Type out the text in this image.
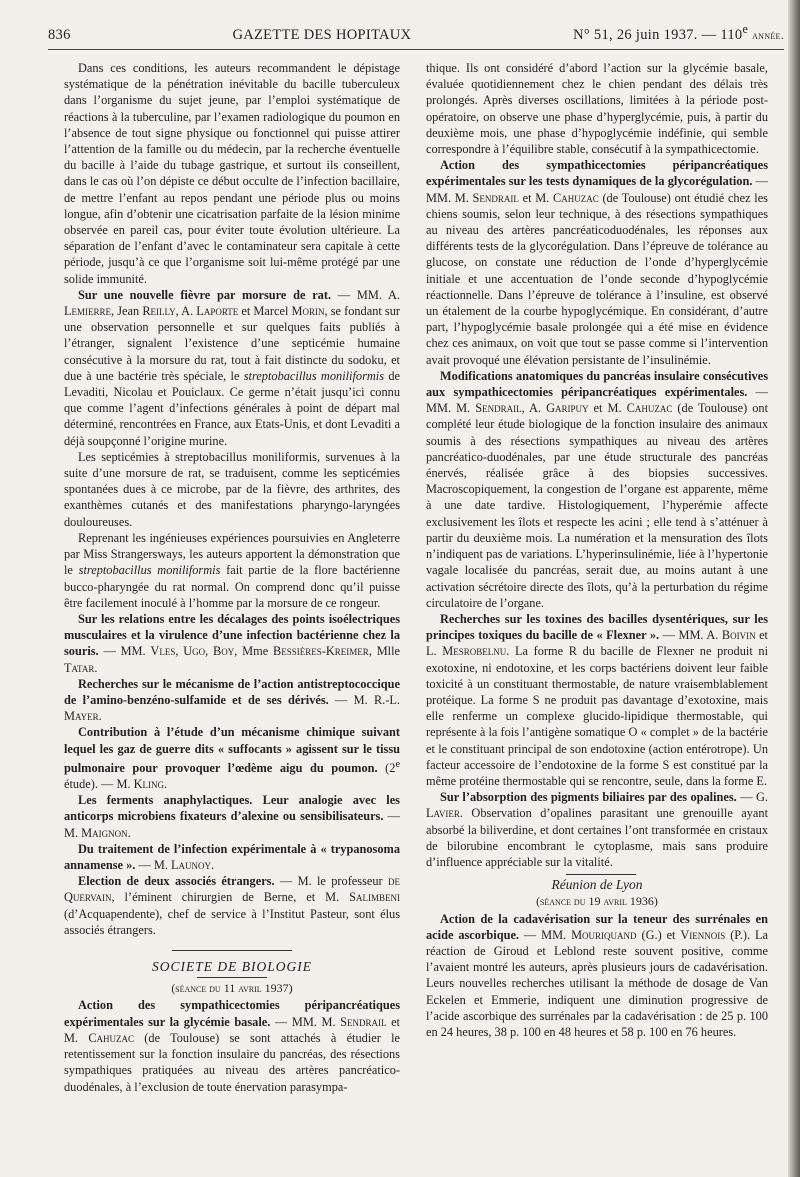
836	GAZETTE DES HOPITAUX	N° 51, 26 juin 1937. — 110e année.

Dans ces conditions, les auteurs recommandent le dépistage systématique de la pénétration inévitable du bacille tuberculeux dans l’organisme du sujet jeune, par l’emploi systématique de réactions à la tuberculine, par l’examen radiologique du poumon en l’absence de tout signe physique ou fonctionnel qui puisse attirer l’attention de la famille ou du médecin, par la recherche éventuelle du bacille à l’aide du tubage gastrique, et surtout ils conseillent, dans le cas où l’on dépiste ce début occulte de l’infection bacillaire, de mettre l’enfant au repos pendant une période plus ou moins longue, afin d’obtenir une cicatrisation parfaite de la lésion minime observée en pareil cas, pour éviter toute évolution ultérieure. La séparation de l’enfant d’avec le contaminateur sera capitale à cette période, jusqu’à ce que l’organisme soit lui-même protégé par une solide immunité.

Sur une nouvelle fièvre par morsure de rat. — MM. A. Lemierre, Jean Reilly, A. Laporte et Marcel Morin, se fondant sur une observation personnelle et sur quelques faits publiés à l’étranger, signalent l’existence d’une septicémie humaine consécutive à la morsure du rat, tout à fait distincte du sodoku, et due à une bactérie très spéciale, le streptobacillus moniliformis de Levaditi, Nicolau et Pouiclaux. Ce germe n’était jusqu’ici connu que comme l’agent d’infections générales à point de départ mal déterminé, rencontrées en France, aux Etats-Unis, et dont Levaditi a déjà soupçonné l’origine murine.

Les septicémies à streptobacillus moniliformis, survenues à la suite d’une morsure de rat, se traduisent, comme les septicémies spontanées dues à ce microbe, par de la fièvre, des arthrites, des exanthèmes cutanés et des manifestations pharyngo-laryngées douloureuses.

Reprenant les ingénieuses expériences poursuivies en Angleterre par Miss Strangersways, les auteurs apportent la démonstration que le streptobacillus moniliformis fait partie de la flore bactérienne bucco-pharyngée du rat normal. On comprend donc qu’il puisse être facilement inoculé à l’homme par la morsure de ce rongeur.

Sur les relations entre les décalages des points isoélectriques musculaires et la virulence d’une infection bactérienne chez la souris. — MM. Vles, Ugo, Boy, Mme Bessières-Kreimer, Mlle Tatar.

Recherches sur le mécanisme de l’action antistreptococcique de l’amino-benzéno-sulfamide et de ses dérivés. — M. R.-L. Mayer.

Contribution à l’étude d’un mécanisme chimique suivant lequel les gaz de guerre dits « suffocants » agissent sur le tissu pulmonaire pour provoquer l’œdème aigu du poumon. (2e étude). — M. Kling.

Les ferments anaphylactiques. Leur analogie avec les anticorps microbiens fixateurs d’alexine ou sensibilisateurs. — M. Maignon.

Du traitement de l’infection expérimentale à « trypanosoma annamense ». — M. Launoy.

Election de deux associés étrangers. — M. le professeur de Quervain, l’éminent chirurgien de Berne, et M. Salimbeni (d’Acquapendente), chef de service à l’Institut Pasteur, sont élus associés étrangers.

SOCIETE DE BIOLOGIE

(séance du 11 avril 1937)

Action des sympathicectomies péripancréatiques expérimentales sur la glycémie basale. — MM. M. Sendrail et M. Cahuzac (de Toulouse) se sont attachés à étudier le retentissement sur la fonction insulaire du pancréas, des résections sympathiques pratiquées au niveau des artères pancréatico-duodénales, à l’exclusion de toute énervation parasympa-

thique. Ils ont considéré d’abord l’action sur la glycémie basale, évaluée quotidiennement chez le chien pendant des délais très prolongés. Après diverses oscillations, limitées à la période post-opératoire, on observe une phase d’hyperglycémie, puis, à partir du deuxième mois, une phase d’hypoglycémie indéfinie, qui semble correspondre à l’équilibre stable, consécutif à la sympathicectomie.

Action des sympathicectomies péripancréatiques expérimentales sur les tests dynamiques de la glycorégulation. — MM. M. Sendrail et M. Cahuzac (de Toulouse) ont étudié chez les chiens soumis, selon leur technique, à des résections sympathiques au niveau des artères pancréaticoduodénales, les réponses aux différents tests de la glycorégulation. Dans l’épreuve de tolérance au glucose, on constate une réduction de l’onde d’hyperglycémie initiale et une accentuation de l’onde seconde d’hypoglycémie réactionnelle. Dans l’épreuve de tolérance à l’insuline, est observé un étalement de la courbe hypoglycémique. En considérant, d’autre part, l’hypoglycémie basale prolongée qui a été mise en évidence chez ces animaux, on voit que tout se passe comme si l’intervention avait provoqué une élévation persistante de l’insulinémie.

Modifications anatomiques du pancréas insulaire consécutives aux sympathicectomies péripancréatiques expérimentales. — MM. M. Sendrail, A. Garipuy et M. Cahuzac (de Toulouse) ont complété leur étude biologique de la fonction insulaire des animaux soumis à des résections sympathiques au niveau des artères pancréatico-duodénales, par une étude structurale des pancréas énervés, réalisée grâce à des biopsies successives. Macroscopiquement, la congestion de l’organe est apparente, même à une date tardive. Histologiquement, l’hyperémie affecte exclusivement les îlots et respecte les acini ; elle tend à s’atténuer à partir du deuxième mois. La numération et la mensuration des îlots n’indiquent pas de variations. L’hyperinsulinémie, liée à l’hypertonie vagale localisée du pancréas, serait due, au moins autant à une activation sécrétoire directe des îlots, qu’à la perturbation du régime circulatoire de l’organe.

Recherches sur les toxines des bacilles dysentériques, sur les principes toxiques du bacille de « Flexner ». — MM. A. Boivin et L. Mesrobelnu. La forme R du bacille de Flexner ne produit ni exotoxine, ni endotoxine, et les corps bactériens doivent leur faible toxicité à un constituant thermostable, de nature vraisemblablement protéique. La forme S ne produit pas davantage d’exotoxine, mais elle renferme un complexe glucido-lipidique thermostable, qui représente à la fois l’antigène somatique O « complet » de la bactérie et le constituant principal de son endotoxine (action entérotrope). Un facteur accessoire de l’endotoxine de la forme S est constitué par la même protéine thermostable qui se rencontre, seule, dans la forme E.

Sur l’absorption des pigments biliaires par des opalines. — G. Lavier. Observation d’opalines parasitant une grenouille ayant absorbé la biliverdine, et dont certaines l’ont transformée en cristaux de bilorubine encombrant le cytoplasme, mais sans produire d’influence appréciable sur la vitalité.

Réunion de Lyon

(séance du 19 avril 1936)

Action de la cadavérisation sur la teneur des surrénales en acide ascorbique. — MM. Mouriquand (G.) et Viennois (P.). La réaction de Giroud et Leblond reste souvent positive, comme l’avaient montré les auteurs, après plusieurs jours de cadavérisation. Leurs nouvelles recherches utilisant la méthode de dosage de Van Eckelen et Emmerie, indiquent une diminution progressive de l’acide ascorbique des surrénales par la cadavérisation : de 25 p. 100 en 24 heures, 38 p. 100 en 48 heures et 58 p. 100 en 76 heures.
